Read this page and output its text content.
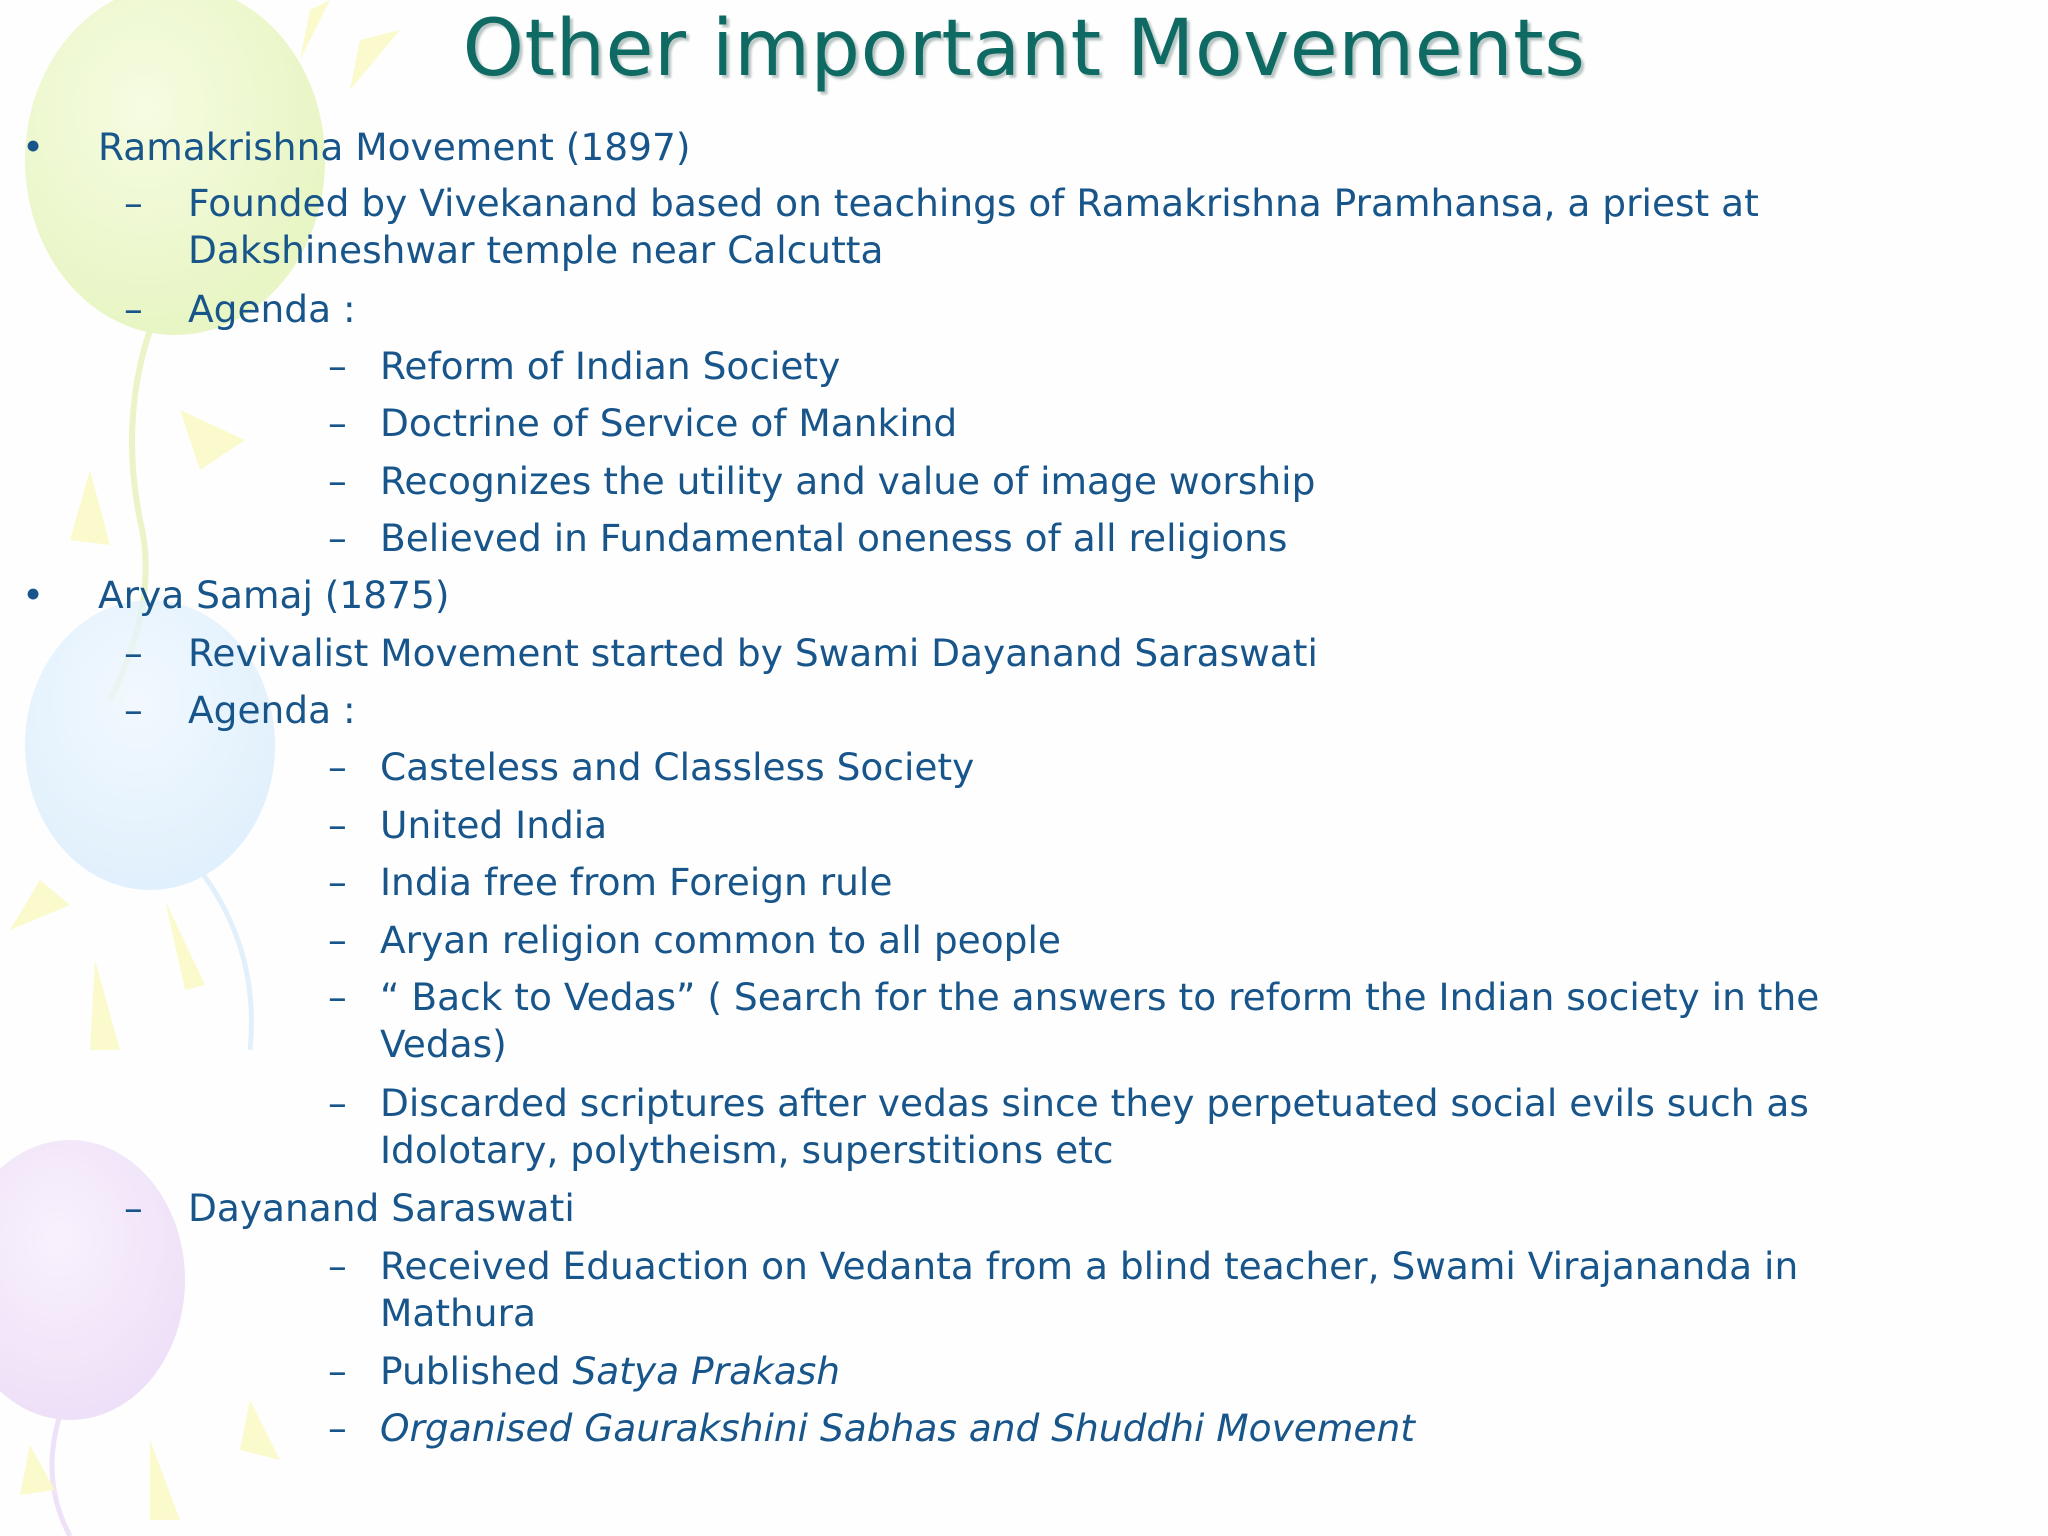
Other important Movements
• Ramakrishna Movement (1897)
– Founded by Vivekanand based on teachings of Ramakrishna Pramhansa, a priest at
Dakshineshwar temple near Calcutta
– Agenda :
– Reform of Indian Society
– Doctrine of Service of Mankind
– Recognizes the utility and value of image worship
– Believed in Fundamental oneness of all religions
• Arya Samaj (1875)
– Revivalist Movement started by Swami Dayanand Saraswati
– Agenda :
– Casteless and Classless Society
– United India
– India free from Foreign rule
– Aryan religion common to all people
– “ Back to Vedas” ( Search for the answers to reform the Indian society in the
Vedas)
– Discarded scriptures after vedas since they perpetuated social evils such as
Idolotary, polytheism, superstitions etc
– Dayanand Saraswati
– Received Eduaction on Vedanta from a blind teacher, Swami Virajananda in
Mathura
– Published Satya Prakash
– Organised Gaurakshini Sabhas and Shuddhi Movement
